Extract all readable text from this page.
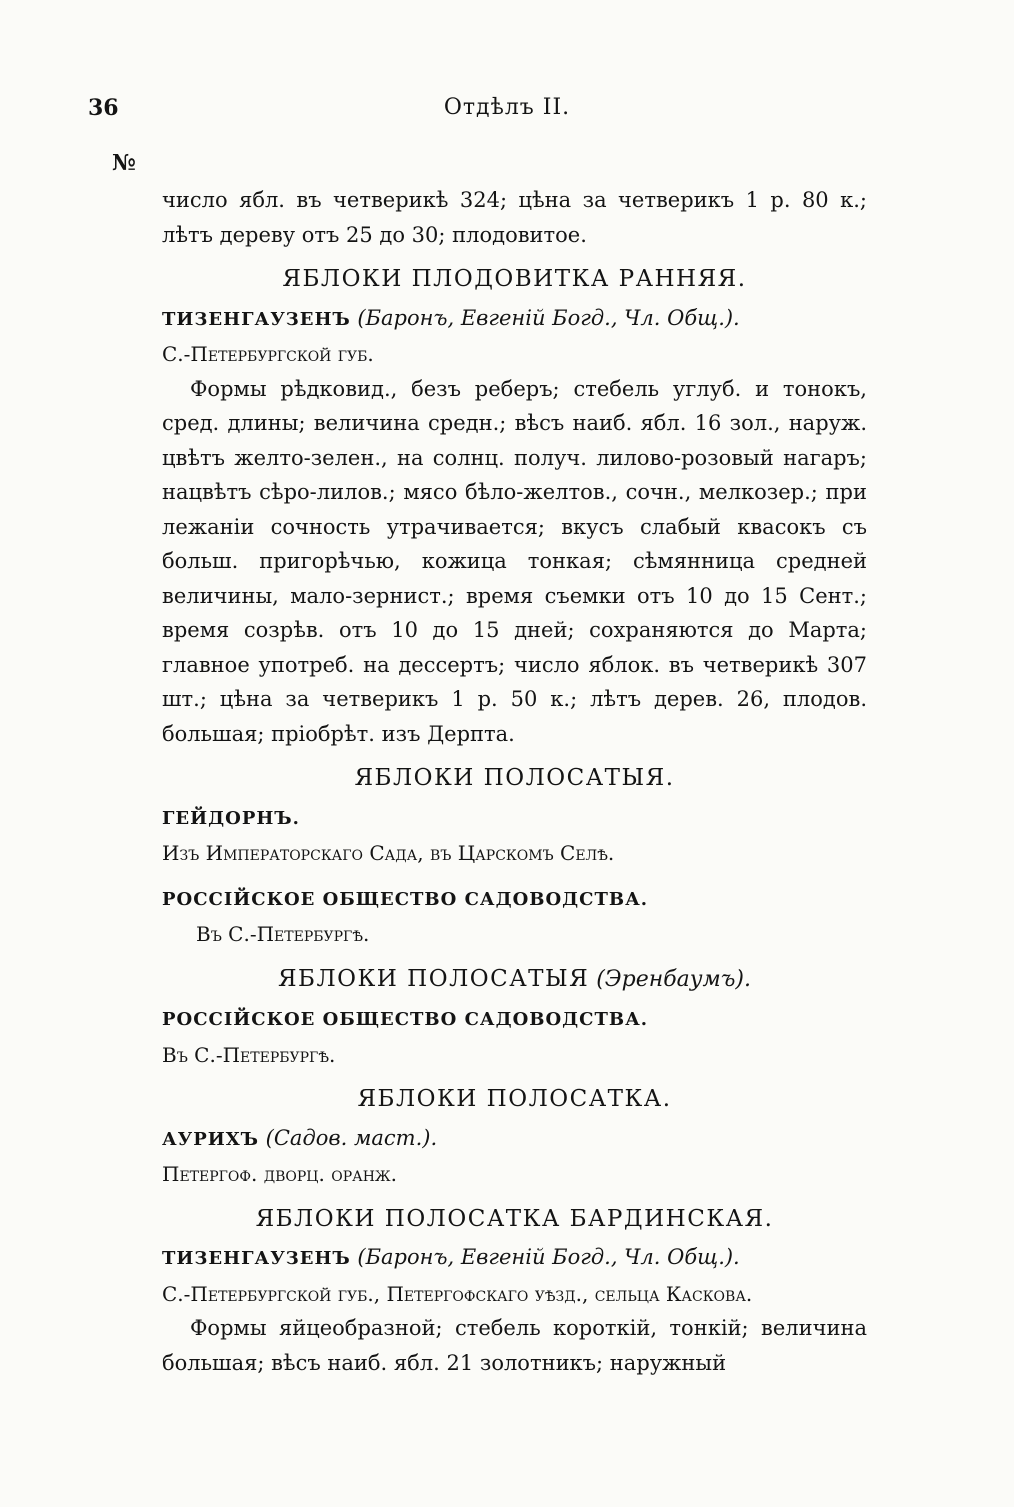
36	Отдѣлъ II.
№

число ябл. въ четверикѣ 324; цѣна за четверикъ 1 р. 80 к.; лѣтъ дереву отъ 25 до 30; плодовитое.

ЯБЛОКИ ПЛОДОВИТКА РАННЯЯ.

ТИЗЕНГАУЗЕНЪ (Баронъ, Евгеній Богд., Чл. Общ.).

С.-Петербургской губ.

Формы рѣдковид., безъ реберъ; стебель углуб. и тонокъ, сред. длины; величина средн.; вѣсъ наиб. ябл. 16 зол., наруж. цвѣтъ желто-зелен., на солнц. получ. лилово-розовый нагаръ; нацвѣтъ сѣро-лилов.; мясо бѣло-желтов., сочн., мелкозер.; при лежаніи сочность утрачивается; вкусъ слабый квасокъ съ больш. пригорѣчью, кожица тонкая; сѣмянница средней величины, мало-зернист.; время съемки отъ 10 до 15 Сент.; время созрѣв. отъ 10 до 15 дней; сохраняются до Марта; главное употреб. на дессертъ; число яблок. въ четверикѣ 307 шт.; цѣна за четверикъ 1 р. 50 к.; лѣтъ дерев. 26, плодов. большая; пріобрѣт. изъ Дерпта.

ЯБЛОКИ ПОЛОСАТЫЯ.

ГЕЙДОРНЪ.

Изъ Императорскаго Сада, въ Царскомъ Селѣ.

РОССІЙСКОЕ ОБЩЕСТВО САДОВОДСТВА.

Въ С.-Петербургѣ.

ЯБЛОКИ ПОЛОСАТЫЯ (Эренбаумъ).

РОССІЙСКОЕ ОБЩЕСТВО САДОВОДСТВА.

Въ С.-Петербургѣ.

ЯБЛОКИ ПОЛОСАТКА.

АУРИХЪ (Садов. маст.).

Петергоф. дворц. оранж.

ЯБЛОКИ ПОЛОСАТКА БАРДИНСКАЯ.

ТИЗЕНГАУЗЕНЪ (Баронъ, Евгеній Богд., Чл. Общ.).

С.-Петербургской губ., Петергофскаго уѣзд., сельца Каскова.

Формы яйцеобразной; стебель короткій, тонкій; величина большая; вѣсъ наиб. ябл. 21 золотникъ; наружный
